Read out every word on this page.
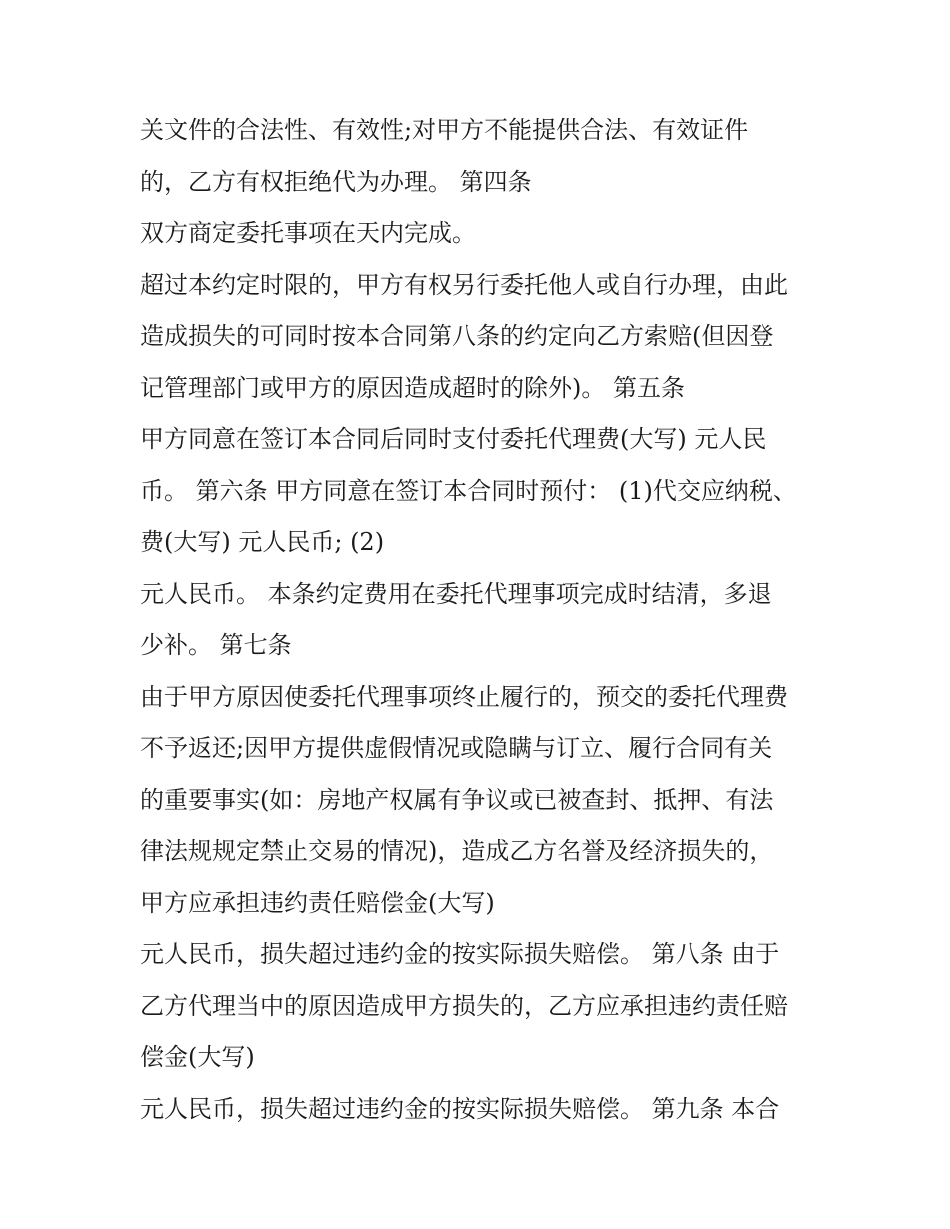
关文件的合法性、有效性;对甲方不能提供合法、有效证件
的，乙方有权拒绝代为办理。 第四条
双方商定委托事项在天内完成。
超过本约定时限的，甲方有权另行委托他人或自行办理，由此
造成损失的可同时按本合同第八条的约定向乙方索赔(但因登
记管理部门或甲方的原因造成超时的除外)。 第五条
甲方同意在签订本合同后同时支付委托代理费(大写) 元人民
币。 第六条 甲方同意在签订本合同时预付： (1)代交应纳税、
费(大写) 元人民币; (2)
元人民币。 本条约定费用在委托代理事项完成时结清，多退
少补。 第七条
由于甲方原因使委托代理事项终止履行的，预交的委托代理费
不予返还;因甲方提供虚假情况或隐瞒与订立、履行合同有关
的重要事实(如：房地产权属有争议或已被查封、抵押、有法
律法规规定禁止交易的情况)，造成乙方名誉及经济损失的，
甲方应承担违约责任赔偿金(大写)
元人民币，损失超过违约金的按实际损失赔偿。 第八条 由于
乙方代理当中的原因造成甲方损失的，乙方应承担违约责任赔
偿金(大写)
元人民币，损失超过违约金的按实际损失赔偿。 第九条 本合
